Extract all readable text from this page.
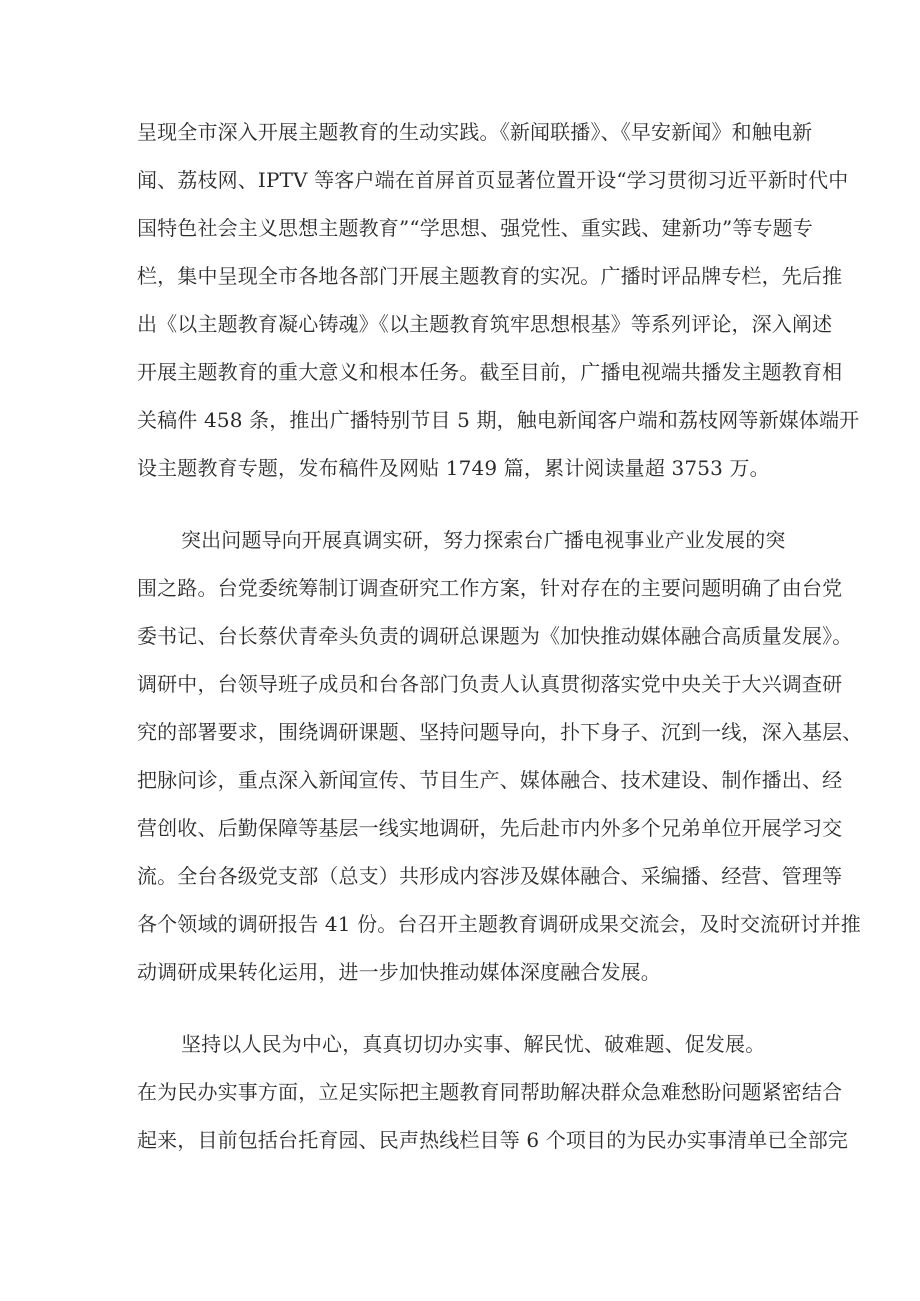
呈现全市深入开展主题教育的生动实践。《新闻联播》、《早安新闻》和触电新
闻、荔枝网、IPTV 等客户端在首屏首页显著位置开设“学习贯彻习近平新时代中
国特色社会主义思想主题教育”“学思想、强党性、重实践、建新功”等专题专
栏，集中呈现全市各地各部门开展主题教育的实况。广播时评品牌专栏，先后推
出《以主题教育凝心铸魂》《以主题教育筑牢思想根基》等系列评论，深入阐述
开展主题教育的重大意义和根本任务。截至目前，广播电视端共播发主题教育相
关稿件 458 条，推出广播特别节目 5 期，触电新闻客户端和荔枝网等新媒体端开
设主题教育专题，发布稿件及网贴 1749 篇，累计阅读量超 3753 万。
突出问题导向开展真调实研，努力探索台广播电视事业产业发展的突
围之路。台党委统筹制订调查研究工作方案，针对存在的主要问题明确了由台党
委书记、台长蔡伏青牵头负责的调研总课题为《加快推动媒体融合高质量发展》。
调研中，台领导班子成员和台各部门负责人认真贯彻落实党中央关于大兴调查研
究的部署要求，围绕调研课题、坚持问题导向，扑下身子、沉到一线，深入基层、
把脉问诊，重点深入新闻宣传、节目生产、媒体融合、技术建设、制作播出、经
营创收、后勤保障等基层一线实地调研，先后赴市内外多个兄弟单位开展学习交
流。全台各级党支部（总支）共形成内容涉及媒体融合、采编播、经营、管理等
各个领域的调研报告 41 份。台召开主题教育调研成果交流会，及时交流研讨并推
动调研成果转化运用，进一步加快推动媒体深度融合发展。
坚持以人民为中心，真真切切办实事、解民忧、破难题、促发展。
在为民办实事方面，立足实际把主题教育同帮助解决群众急难愁盼问题紧密结合
起来，目前包括台托育园、民声热线栏目等 6 个项目的为民办实事清单已全部完
